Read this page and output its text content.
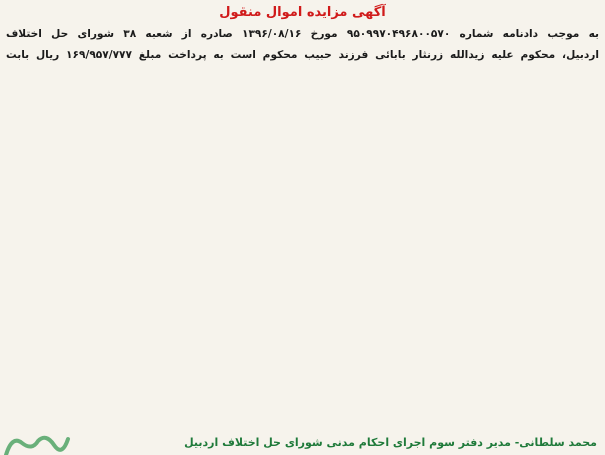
آگهی مزایده اموال منقول
به موجب دادنامه شماره ۹۵۰۹۹۷۰۴۹۶۸۰۰۵۷۰ مورخ ۱۳۹۶/۰۸/۱۶ صادره از شعبه ۳۸ شورای حل اختلاف
اردبیل، محکوم علیه زیدالله زرنثار بابائی فرزند حبیب محکوم است به پرداخت مبلغ ۱۶۹/۹۵۷/۷۷۷ ریال بابت
محمد سلطانی- مدیر دفتر سوم اجرای احکام مدنی شورای حل اختلاف اردبیل
